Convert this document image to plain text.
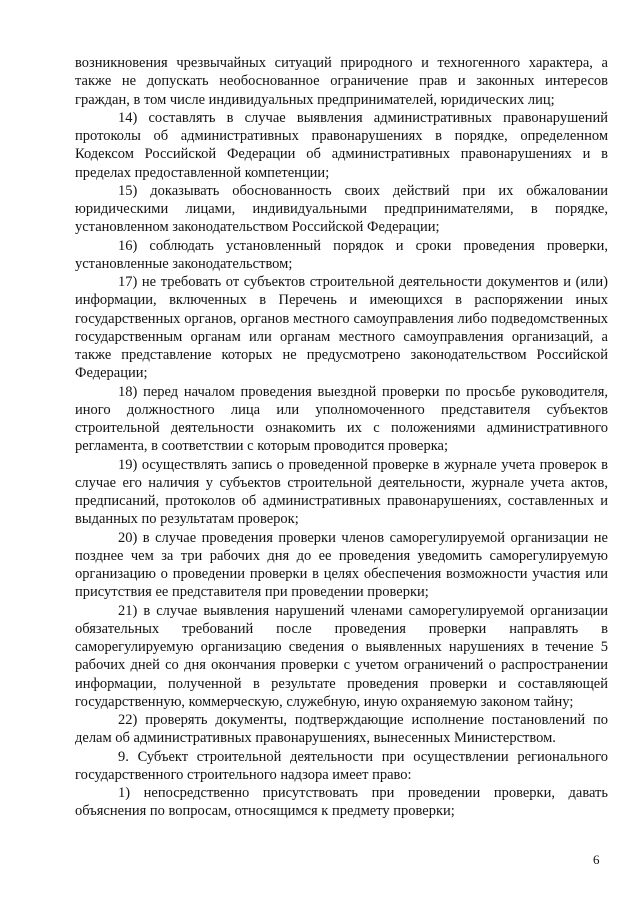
возникновения чрезвычайных ситуаций природного и техногенного характера, а также не допускать необоснованное ограничение прав и законных интересов граждан, в том числе индивидуальных предпринимателей, юридических лиц;

14) составлять в случае выявления административных правонарушений протоколы об административных правонарушениях в порядке, определенном Кодексом Российской Федерации об административных правонарушениях и в пределах предоставленной компетенции;

15) доказывать обоснованность своих действий при их обжаловании юридическими лицами, индивидуальными предпринимателями, в порядке, установленном законодательством Российской Федерации;

16) соблюдать установленный порядок и сроки проведения проверки, установленные законодательством;

17) не требовать от субъектов строительной деятельности документов и (или) информации, включенных в Перечень и имеющихся в распоряжении иных государственных органов, органов местного самоуправления либо подведомственных государственным органам или органам местного самоуправления организаций, а также представление которых не предусмотрено законодательством Российской Федерации;

18) перед началом проведения выездной проверки по просьбе руководителя, иного должностного лица или уполномоченного представителя субъектов строительной деятельности ознакомить их с положениями административного регламента, в соответствии с которым проводится проверка;

19) осуществлять запись о проведенной проверке в журнале учета проверок в случае его наличия у субъектов строительной деятельности, журнале учета актов, предписаний, протоколов об административных правонарушениях, составленных и выданных по результатам проверок;

20) в случае проведения проверки членов саморегулируемой организации не позднее чем за три рабочих дня до ее проведения уведомить саморегулируемую организацию о проведении проверки в целях обеспечения возможности участия или присутствия ее представителя при проведении проверки;

21) в случае выявления нарушений членами саморегулируемой организации обязательных требований после проведения проверки направлять в саморегулируемую организацию сведения о выявленных нарушениях в течение 5 рабочих дней со дня окончания проверки с учетом ограничений о распространении информации, полученной в результате проведения проверки и составляющей государственную, коммерческую, служебную, иную охраняемую законом тайну;

22) проверять документы, подтверждающие исполнение постановлений по делам об административных правонарушениях, вынесенных Министерством.

9. Субъект строительной деятельности при осуществлении регионального государственного строительного надзора имеет право:

1) непосредственно присутствовать при проведении проверки, давать объяснения по вопросам, относящимся к предмету проверки;

6
